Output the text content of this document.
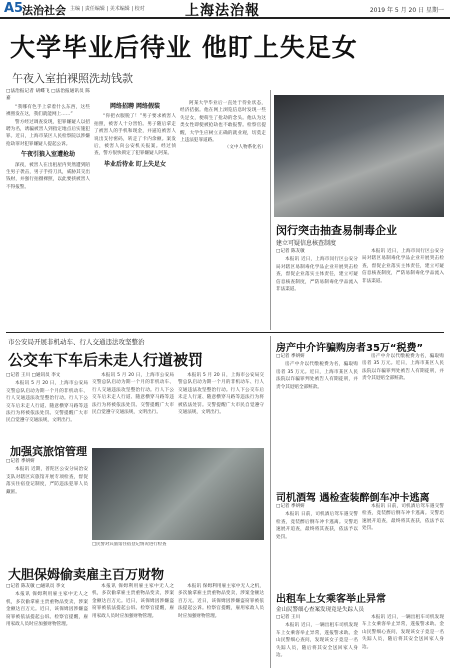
A5
法治社会 主编 | 责任编辑 | 美术编辑 | 校对	上海法治報	2019 年 5 月 20 日 星期一
大学毕业后待业 他盯上失足女
午夜入室拍裸照洗劫钱款
□法治报记者 胡蝶飞 □法治报通讯员 陈嘉

“我哪有色手上拿着什么东西，这些裸照发在这，我们就能网上……”

警方经过调查发现，犯罪嫌疑人以招聘为名，诱骗被害人到指定地点后实施犯罪。近日，上海市某区人民检察院以涉嫌抢劫罪对犯罪嫌疑人提起公诉。

午夜引狼入室遭抢劫

深夜，被害人在出租屋内突然遭到陌生男子袭击，男子手持刀具，威胁其交出钱财，并强行拍摄裸照，以此要挟被害人不得报警。

网络招聘 网络假装

“你把衣服脱了！”男子要求被害人拍照，被害人十分害怕。男子随后拿走了被害人的手机和现金，并逼迫被害人说出支付密码，转走了卡内余额。案发后，被害人向公安机关报案。经过侦查，警方很快锁定了犯罪嫌疑人阿某。

毕业后待业 盯上失足女

阿某大学毕业后一直处于待业状态，经济拮据。他在网上浏览信息时发现一些失足女，便萌生了抢劫的念头。他认为这类女性即使被抢劫也不敢报警。检察官提醒，大学生应树立正确的就业观，切莫走上违法犯罪道路。

（文中人物系化名）

闵行突击抽查易制毒企业
建立可疑信息核查制度
□记者 陈友敏

本报讯 近日，上海市闵行区公安分局对辖区易制毒化学品企业开展突击检查，督促企业落实主体责任，建立可疑信息核查制度，严防易制毒化学品流入非法渠道。

本报讯 近日，上海市闵行区公安分局对辖区易制毒化学品企业开展突击检查，督促企业落实主体责任，建立可疑信息核查制度，严防易制毒化学品流入非法渠道。

市公安局开展非机动车、行人交通违法攻坚整治
公交车下车后未走人行道被罚
□记者 王川 □通讯员 李文

本报讯 5 月 20 日，上海市公安局交警总队启动为期一个月的非机动车、行人交通违法攻坚整治行动。行人下公交车后未走人行道、随意横穿马路等违法行为将被依法处罚。交警提醒广大市民自觉遵守交通法规，文明出行。

本报讯 5 月 20 日，上海市公安局交警总队启动为期一个月的非机动车、行人交通违法攻坚整治行动。行人下公交车后未走人行道、随意横穿马路等违法行为将被依法处罚。交警提醒广大市民自觉遵守交通法规，文明出行。

本报讯 5 月 20 日，上海市公安局交警总队启动为期一个月的非机动车、行人交通违法攻坚整治行动。行人下公交车后未走人行道、随意横穿马路等违法行为将被依法处罚。交警提醒广大市民自觉遵守交通法规，文明出行。

加强宾旅馆管理
□记者 季妍妍

本报讯 近期，普陀区公安分局治安支队对辖区宾旅馆开展专项检查，督促落实住宿登记制度，严防违法犯罪人员藏匿。

□民警对宾旅馆住宿登记情况进行检查
房产中介许骗购房者35万“税费”
□记者 季妍妍

房产中介以代缴税费为名，骗取购房者 35 万元。近日，上海市某区人民法院以诈骗罪判处被告人有期徒刑，并责令其退赔全部赃款。

房产中介以代缴税费为名，骗取购房者 35 万元。近日，上海市某区人民法院以诈骗罪判处被告人有期徒刑，并责令其退赔全部赃款。

司机酒驾 遇检查装醉倒车冲卡逃离
□记者 季妍妍

本报讯 日前，司机酒后驾车遇交警检查，竟装醉后倒车冲卡逃离。交警迅速展开追查，最终将其查获，依法予以处罚。

本报讯 日前，司机酒后驾车遇交警检查，竟装醉后倒车冲卡逃离。交警迅速展开追查，最终将其查获，依法予以处罚。

出租车上女乘客举止异常
金山民警细心查案发现竟是失踪人员
□记者 王川

本报讯 近日，一辆出租车司机发现车上女乘客举止异常，遂报警求助。金山民警细心查问，发现该女子竟是一名失踪人员，随后将其安全送回家人身边。

本报讯 近日，一辆出租车司机发现车上女乘客举止异常，遂报警求助。金山民警细心查问，发现该女子竟是一名失踪人员，随后将其安全送回家人身边。

大胆保姆偷卖雇主百万财物
□记者 陈友敏 □通讯员 李文

本报讯 保姆利用雇主家中无人之机，多次偷拿雇主贵重物品变卖，涉案金额达百万元。近日，该保姆因涉嫌盗窃罪被依法提起公诉。检察官提醒，雇用家政人员时应加强财物管理。

本报讯 保姆利用雇主家中无人之机，多次偷拿雇主贵重物品变卖，涉案金额达百万元。近日，该保姆因涉嫌盗窃罪被依法提起公诉。检察官提醒，雇用家政人员时应加强财物管理。

本报讯 保姆利用雇主家中无人之机，多次偷拿雇主贵重物品变卖，涉案金额达百万元。近日，该保姆因涉嫌盗窃罪被依法提起公诉。检察官提醒，雇用家政人员时应加强财物管理。
